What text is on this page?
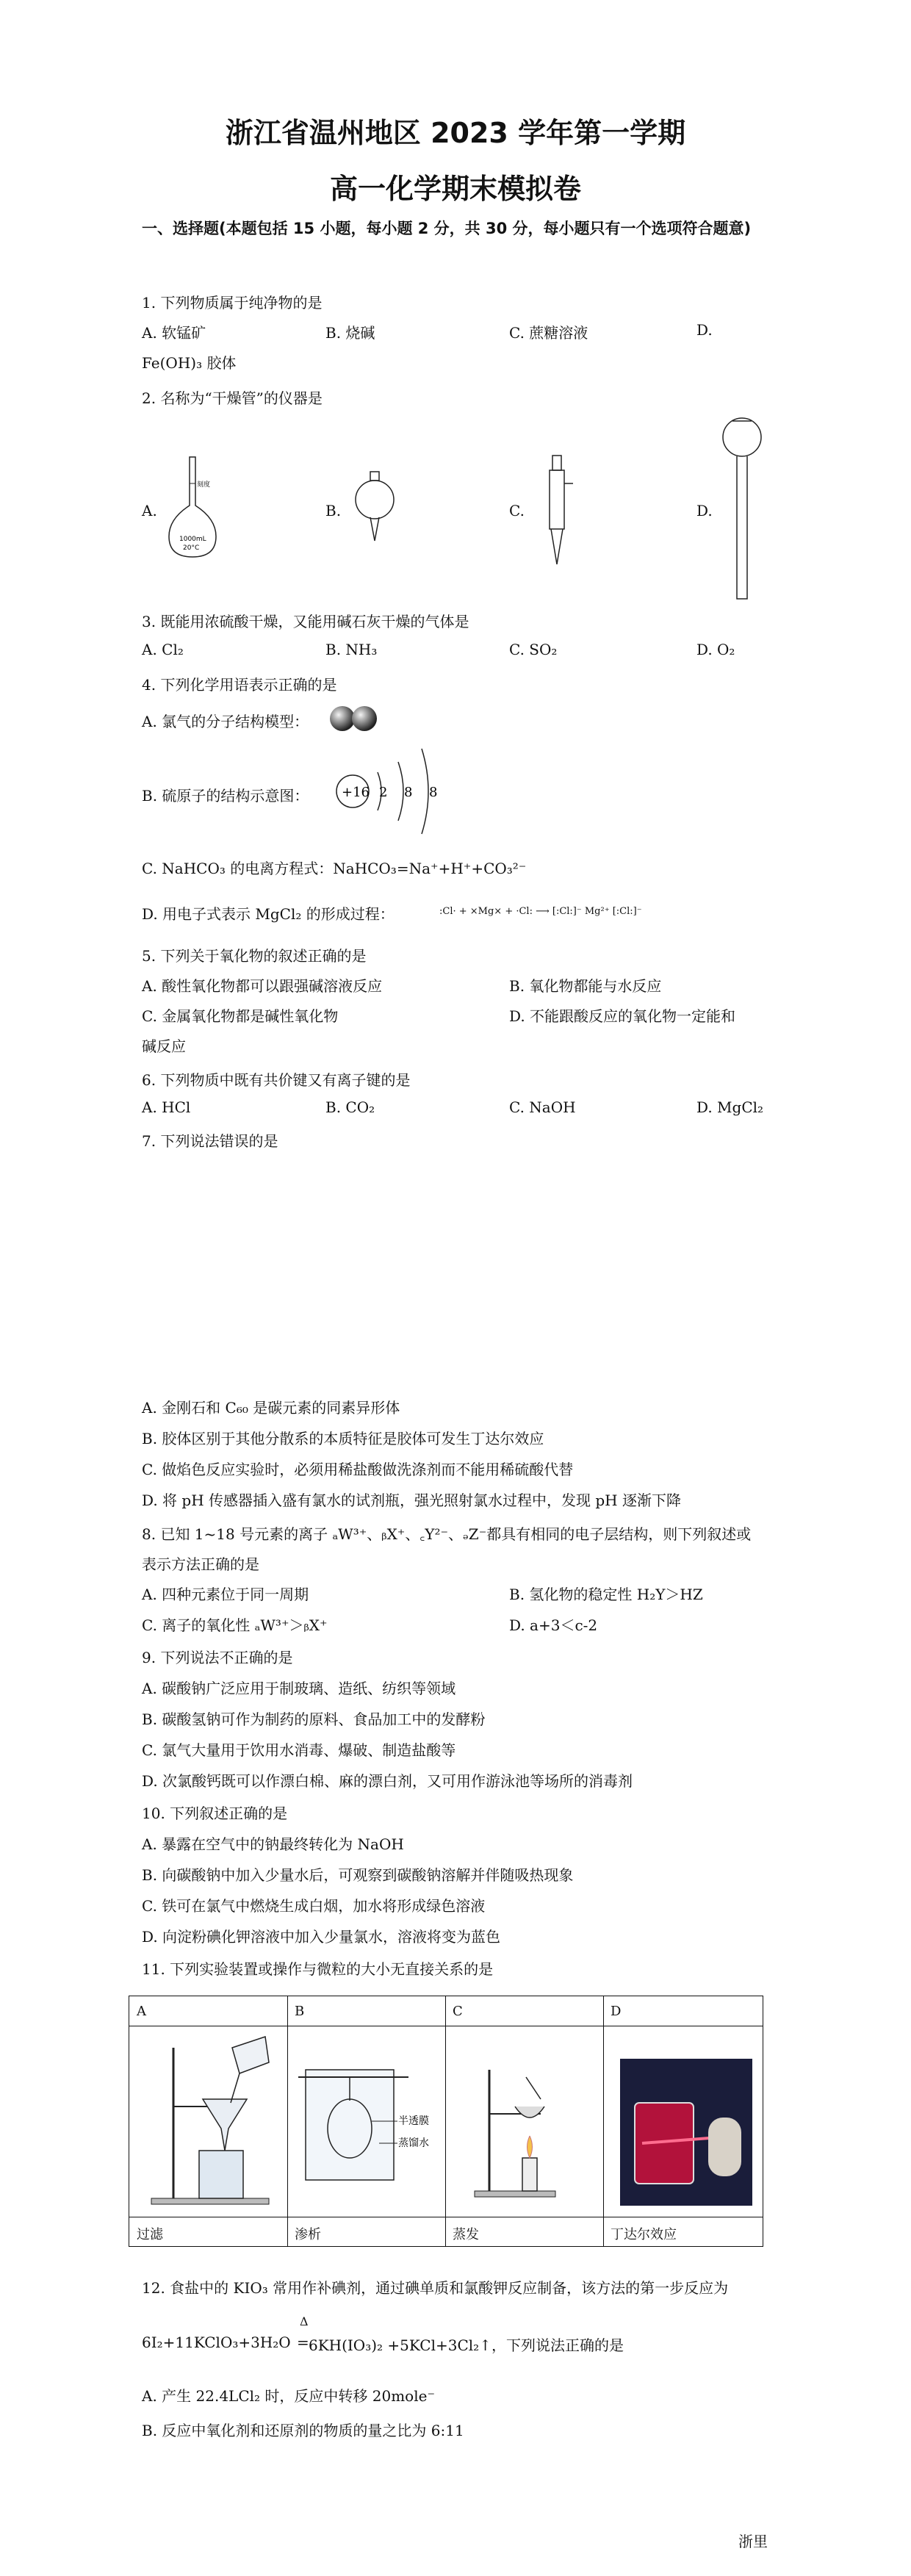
浙江省温州地区 2023 学年第一学期
高一化学期末模拟卷
一、选择题(本题包括 15 小题，每小题 2 分，共 30 分，每小题只有一个选项符合题意)
1. 下列物质属于纯净物的是
A. 软锰矿	B. 烧碱	C. 蔗糖溶液	D.
Fe(OH)₃ 胶体
2. 名称为“干燥管”的仪器是
A.	B.	C.	D.
刻度
1000mL
20°C
3. 既能用浓硫酸干燥，又能用碱石灰干燥的气体是
A. Cl₂	B. NH₃	C. SO₂	D. O₂
4. 下列化学用语表示正确的是
A. 氯气的分子结构模型：
B. 硫原子的结构示意图： +16 2 8 8
C. NaHCO₃ 的电离方程式：NaHCO₃=Na⁺+H⁺+CO₃²⁻
D. 用电子式表示 MgCl₂ 的形成过程：	:Cl· + ×Mg× + ·Cl: ⟶ [:Cl:]⁻ Mg²⁺ [:Cl:]⁻
5. 下列关于氧化物的叙述正确的是
A. 酸性氧化物都可以跟强碱溶液反应	B. 氧化物都能与水反应
C. 金属氧化物都是碱性氧化物	D. 不能跟酸反应的氧化物一定能和
碱反应
6. 下列物质中既有共价键又有离子键的是
A. HCl	B. CO₂	C. NaOH	D. MgCl₂
7. 下列说法错误的是
A. 金刚石和 C₆₀ 是碳元素的同素异形体
B. 胶体区别于其他分散系的本质特征是胶体可发生丁达尔效应
C. 做焰色反应实验时，必须用稀盐酸做洗涤剂而不能用稀硫酸代替
D. 将 pH 传感器插入盛有氯水的试剂瓶，强光照射氯水过程中，发现 pH 逐渐下降
8. 已知 1~18 号元素的离子 ₐW³⁺、ᵦX⁺、꜀Y²⁻、ₔZ⁻都具有相同的电子层结构，则下列叙述或
表示方法正确的是
A. 四种元素位于同一周期	B. 氢化物的稳定性 H₂Y＞HZ
C. 离子的氧化性 ₐW³⁺＞ᵦX⁺	D. a+3＜c-2
9. 下列说法不正确的是
A. 碳酸钠广泛应用于制玻璃、造纸、纺织等领域
B. 碳酸氢钠可作为制药的原料、食品加工中的发酵粉
C. 氯气大量用于饮用水消毒、爆破、制造盐酸等
D. 次氯酸钙既可以作漂白棉、麻的漂白剂，又可用作游泳池等场所的消毒剂
10. 下列叙述正确的是
A. 暴露在空气中的钠最终转化为 NaOH
B. 向碳酸钠中加入少量水后，可观察到碳酸钠溶解并伴随吸热现象
C. 铁可在氯气中燃烧生成白烟，加水将形成绿色溶液
D. 向淀粉碘化钾溶液中加入少量氯水，溶液将变为蓝色
11. 下列实验装置或操作与微粒的大小无直接关系的是
A	B	C	D
半透膜
蒸馏水
过滤	渗析	蒸发	丁达尔效应
12. 食盐中的 KIO₃ 常用作补碘剂，通过碘单质和氯酸钾反应制备，该方法的第一步反应为
6I₂+11KClO₃+3H₂O
Δ
= 6KH(IO₃)₂ +5KCl+3Cl₂↑，下列说法正确的是
A. 产生 22.4LCl₂ 时，反应中转移 20mole⁻
B. 反应中氧化剂和还原剂的物质的量之比为 6:11
浙里
